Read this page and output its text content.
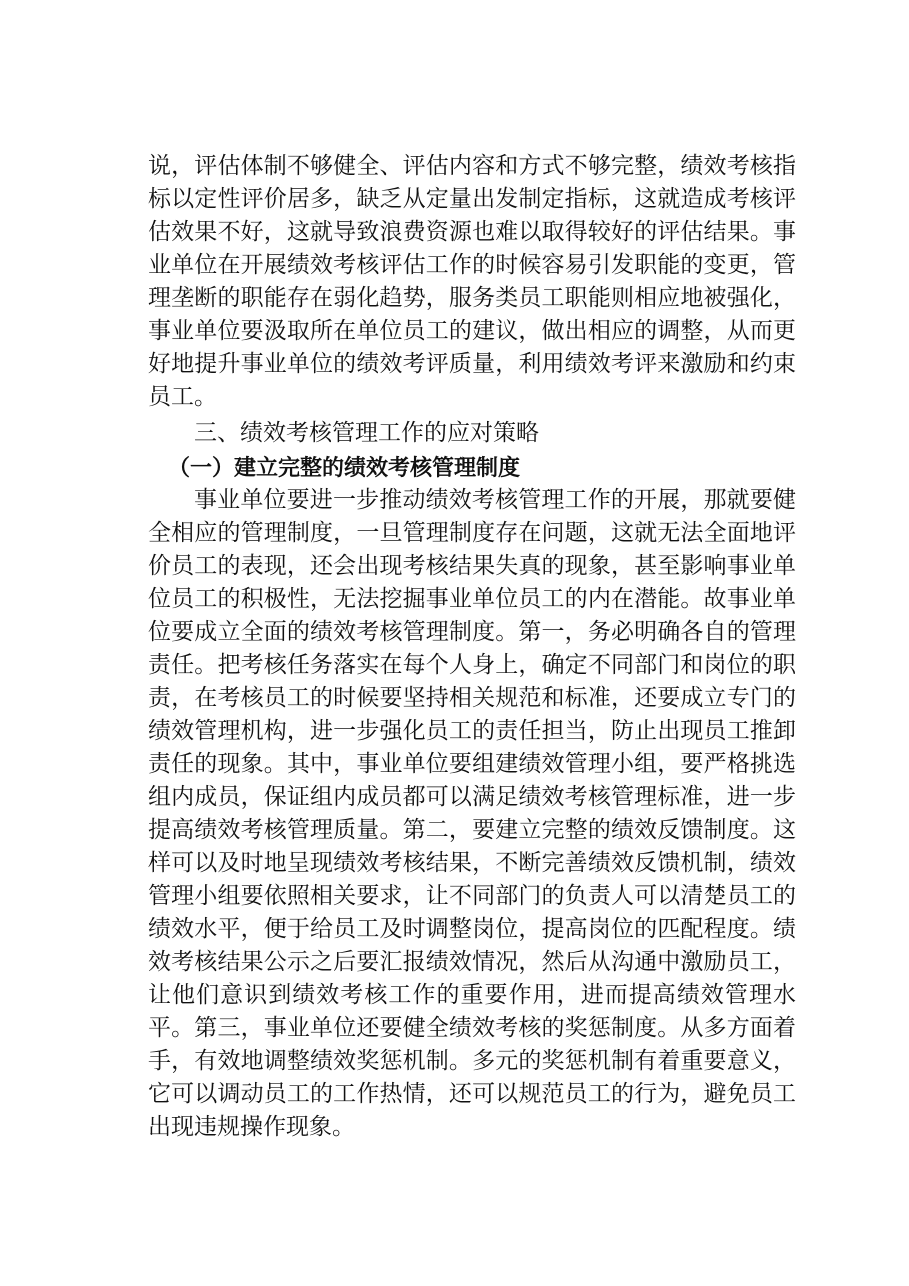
说，评估体制不够健全、评估内容和方式不够完整，绩效考核指标以定性评价居多，缺乏从定量出发制定指标，这就造成考核评估效果不好，这就导致浪费资源也难以取得较好的评估结果。事业单位在开展绩效考核评估工作的时候容易引发职能的变更，管理垄断的职能存在弱化趋势，服务类员工职能则相应地被强化，事业单位要汲取所在单位员工的建议，做出相应的调整，从而更好地提升事业单位的绩效考评质量，利用绩效考评来激励和约束员工。

三、绩效考核管理工作的应对策略
（一）建立完整的绩效考核管理制度

事业单位要进一步推动绩效考核管理工作的开展，那就要健全相应的管理制度，一旦管理制度存在问题，这就无法全面地评价员工的表现，还会出现考核结果失真的现象，甚至影响事业单位员工的积极性，无法挖掘事业单位员工的内在潜能。故事业单位要成立全面的绩效考核管理制度。第一，务必明确各自的管理责任。把考核任务落实在每个人身上，确定不同部门和岗位的职责，在考核员工的时候要坚持相关规范和标准，还要成立专门的绩效管理机构，进一步强化员工的责任担当，防止出现员工推卸责任的现象。其中，事业单位要组建绩效管理小组，要严格挑选组内成员，保证组内成员都可以满足绩效考核管理标准，进一步提高绩效考核管理质量。第二，要建立完整的绩效反馈制度。这样可以及时地呈现绩效考核结果，不断完善绩效反馈机制，绩效管理小组要依照相关要求，让不同部门的负责人可以清楚员工的绩效水平，便于给员工及时调整岗位，提高岗位的匹配程度。绩效考核结果公示之后要汇报绩效情况，然后从沟通中激励员工，让他们意识到绩效考核工作的重要作用，进而提高绩效管理水平。第三，事业单位还要健全绩效考核的奖惩制度。从多方面着手，有效地调整绩效奖惩机制。多元的奖惩机制有着重要意义，它可以调动员工的工作热情，还可以规范员工的行为，避免员工出现违规操作现象。
